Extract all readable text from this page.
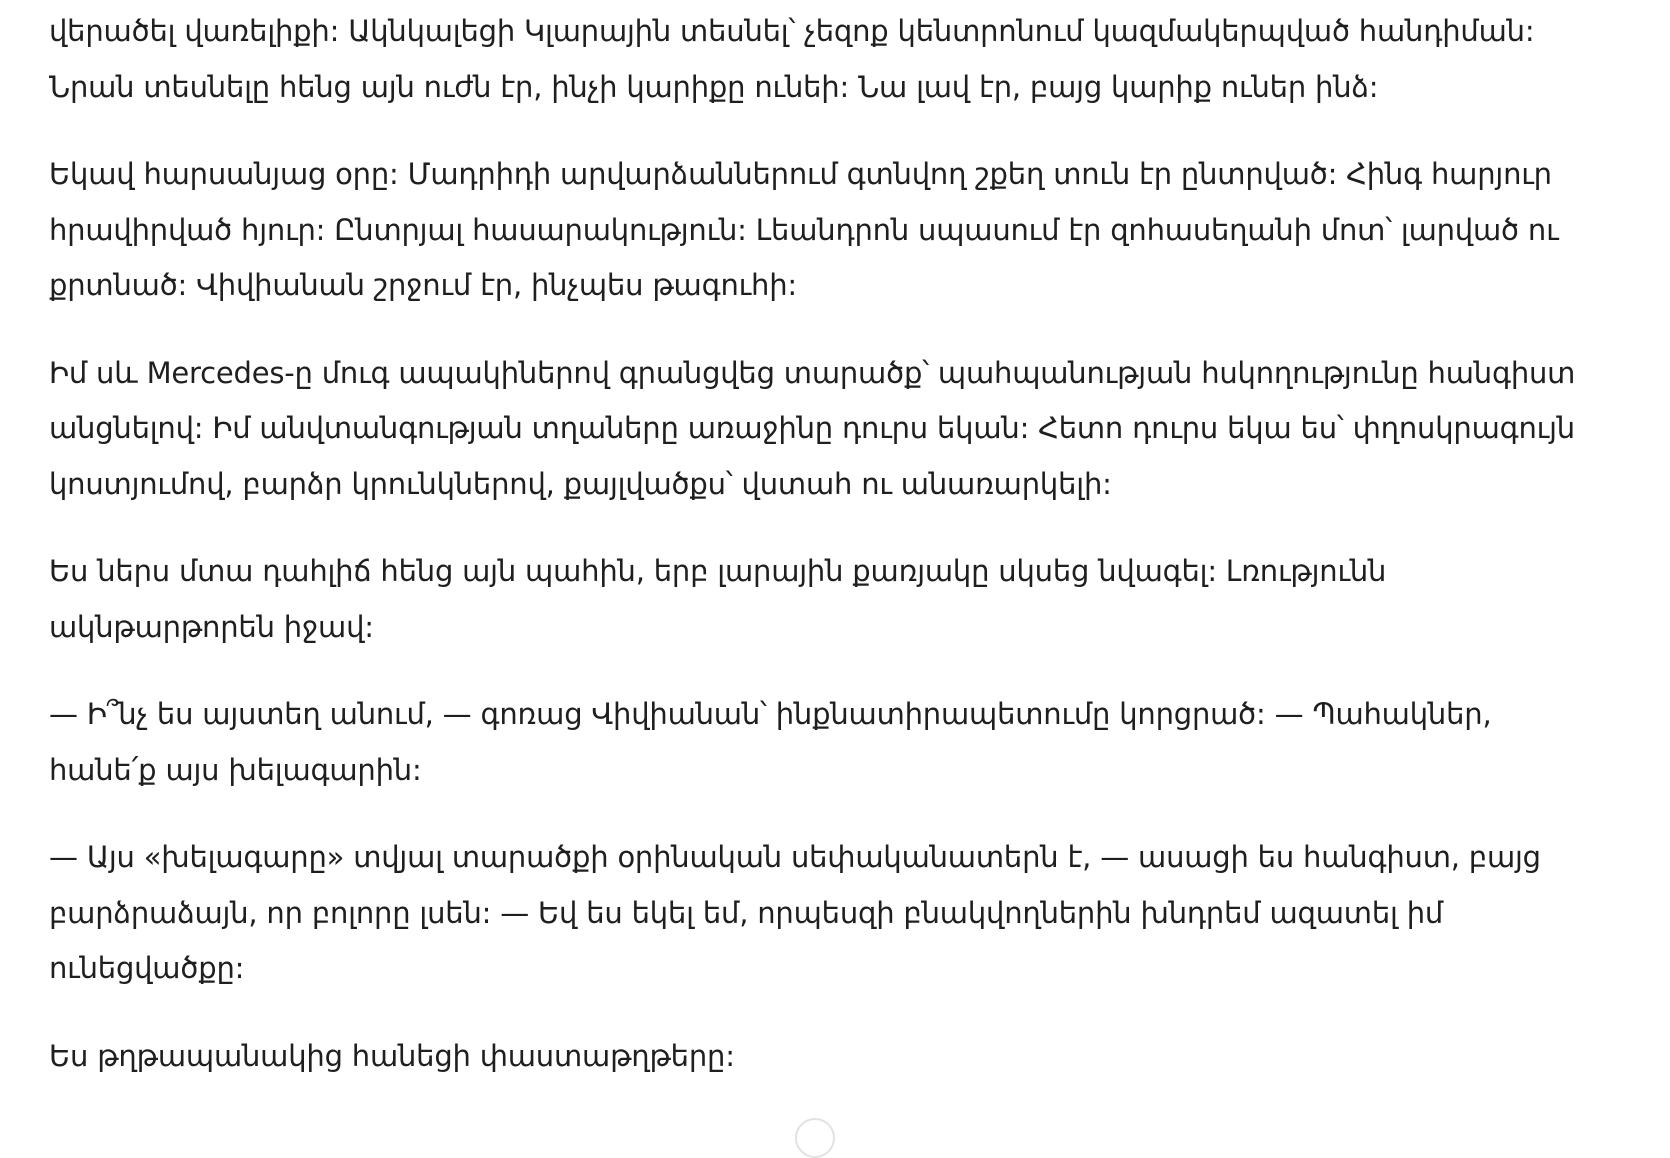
վերածել վառելիքի: Ակնկալեցի Կլարային տեսնել՝ չեզոք կենտրոնում կազմակերպված հանդիման: Նրան տեսնելը հենց այն ուժն էր, ինչի կարիքը ունեի: Նա լավ էր, բայց կարիք ուներ ինձ:

Եկավ հարսանյաց օրը: Մադրիդի արվարձաններում գտնվող շքեղ տուն էր ընտրված: Հինգ հարյուր հրավիրված հյուր: Ընտրյալ հասարակություն: Լեանդրոն սպասում էր զոհասեղանի մոտ՝ լարված ու քրտնած: Վիվիանան շրջում էր, ինչպես թագուհի:

Իմ սև Mercedes-ը մուգ ապակիներով գրանցվեց տարածք՝ պահպանության հսկողությունը հանգիստ անցնելով: Իմ անվտանգության տղաները առաջինը դուրս եկան: Հետո դուրս եկա ես՝ փղոսկրագույն կոստյումով, բարձր կրունկներով, քայլվածքս՝ վստահ ու անառարկելի:

Ես ներս մտա դահլիճ հենց այն պահին, երբ լարային քառյակը սկսեց նվագել: Լռությունն ակնթարթորեն իջավ:

— Ի՞նչ ես այստեղ անում, — գոռաց Վիվիանան՝ ինքնատիրապետումը կորցրած: — Պահակներ, հանե՛ք այս խելագարին:

— Այս «խելագարը» տվյալ տարածքի օրինական սեփականատերն է, — ասացի ես հանգիստ, բայց բարձրաձայն, որ բոլորը լսեն: — Եվ ես եկել եմ, որպեսզի բնակվողներին խնդրեմ ազատել իմ ունեցվածքը:

Ես թղթապանակից հանեցի փաստաթղթերը:
